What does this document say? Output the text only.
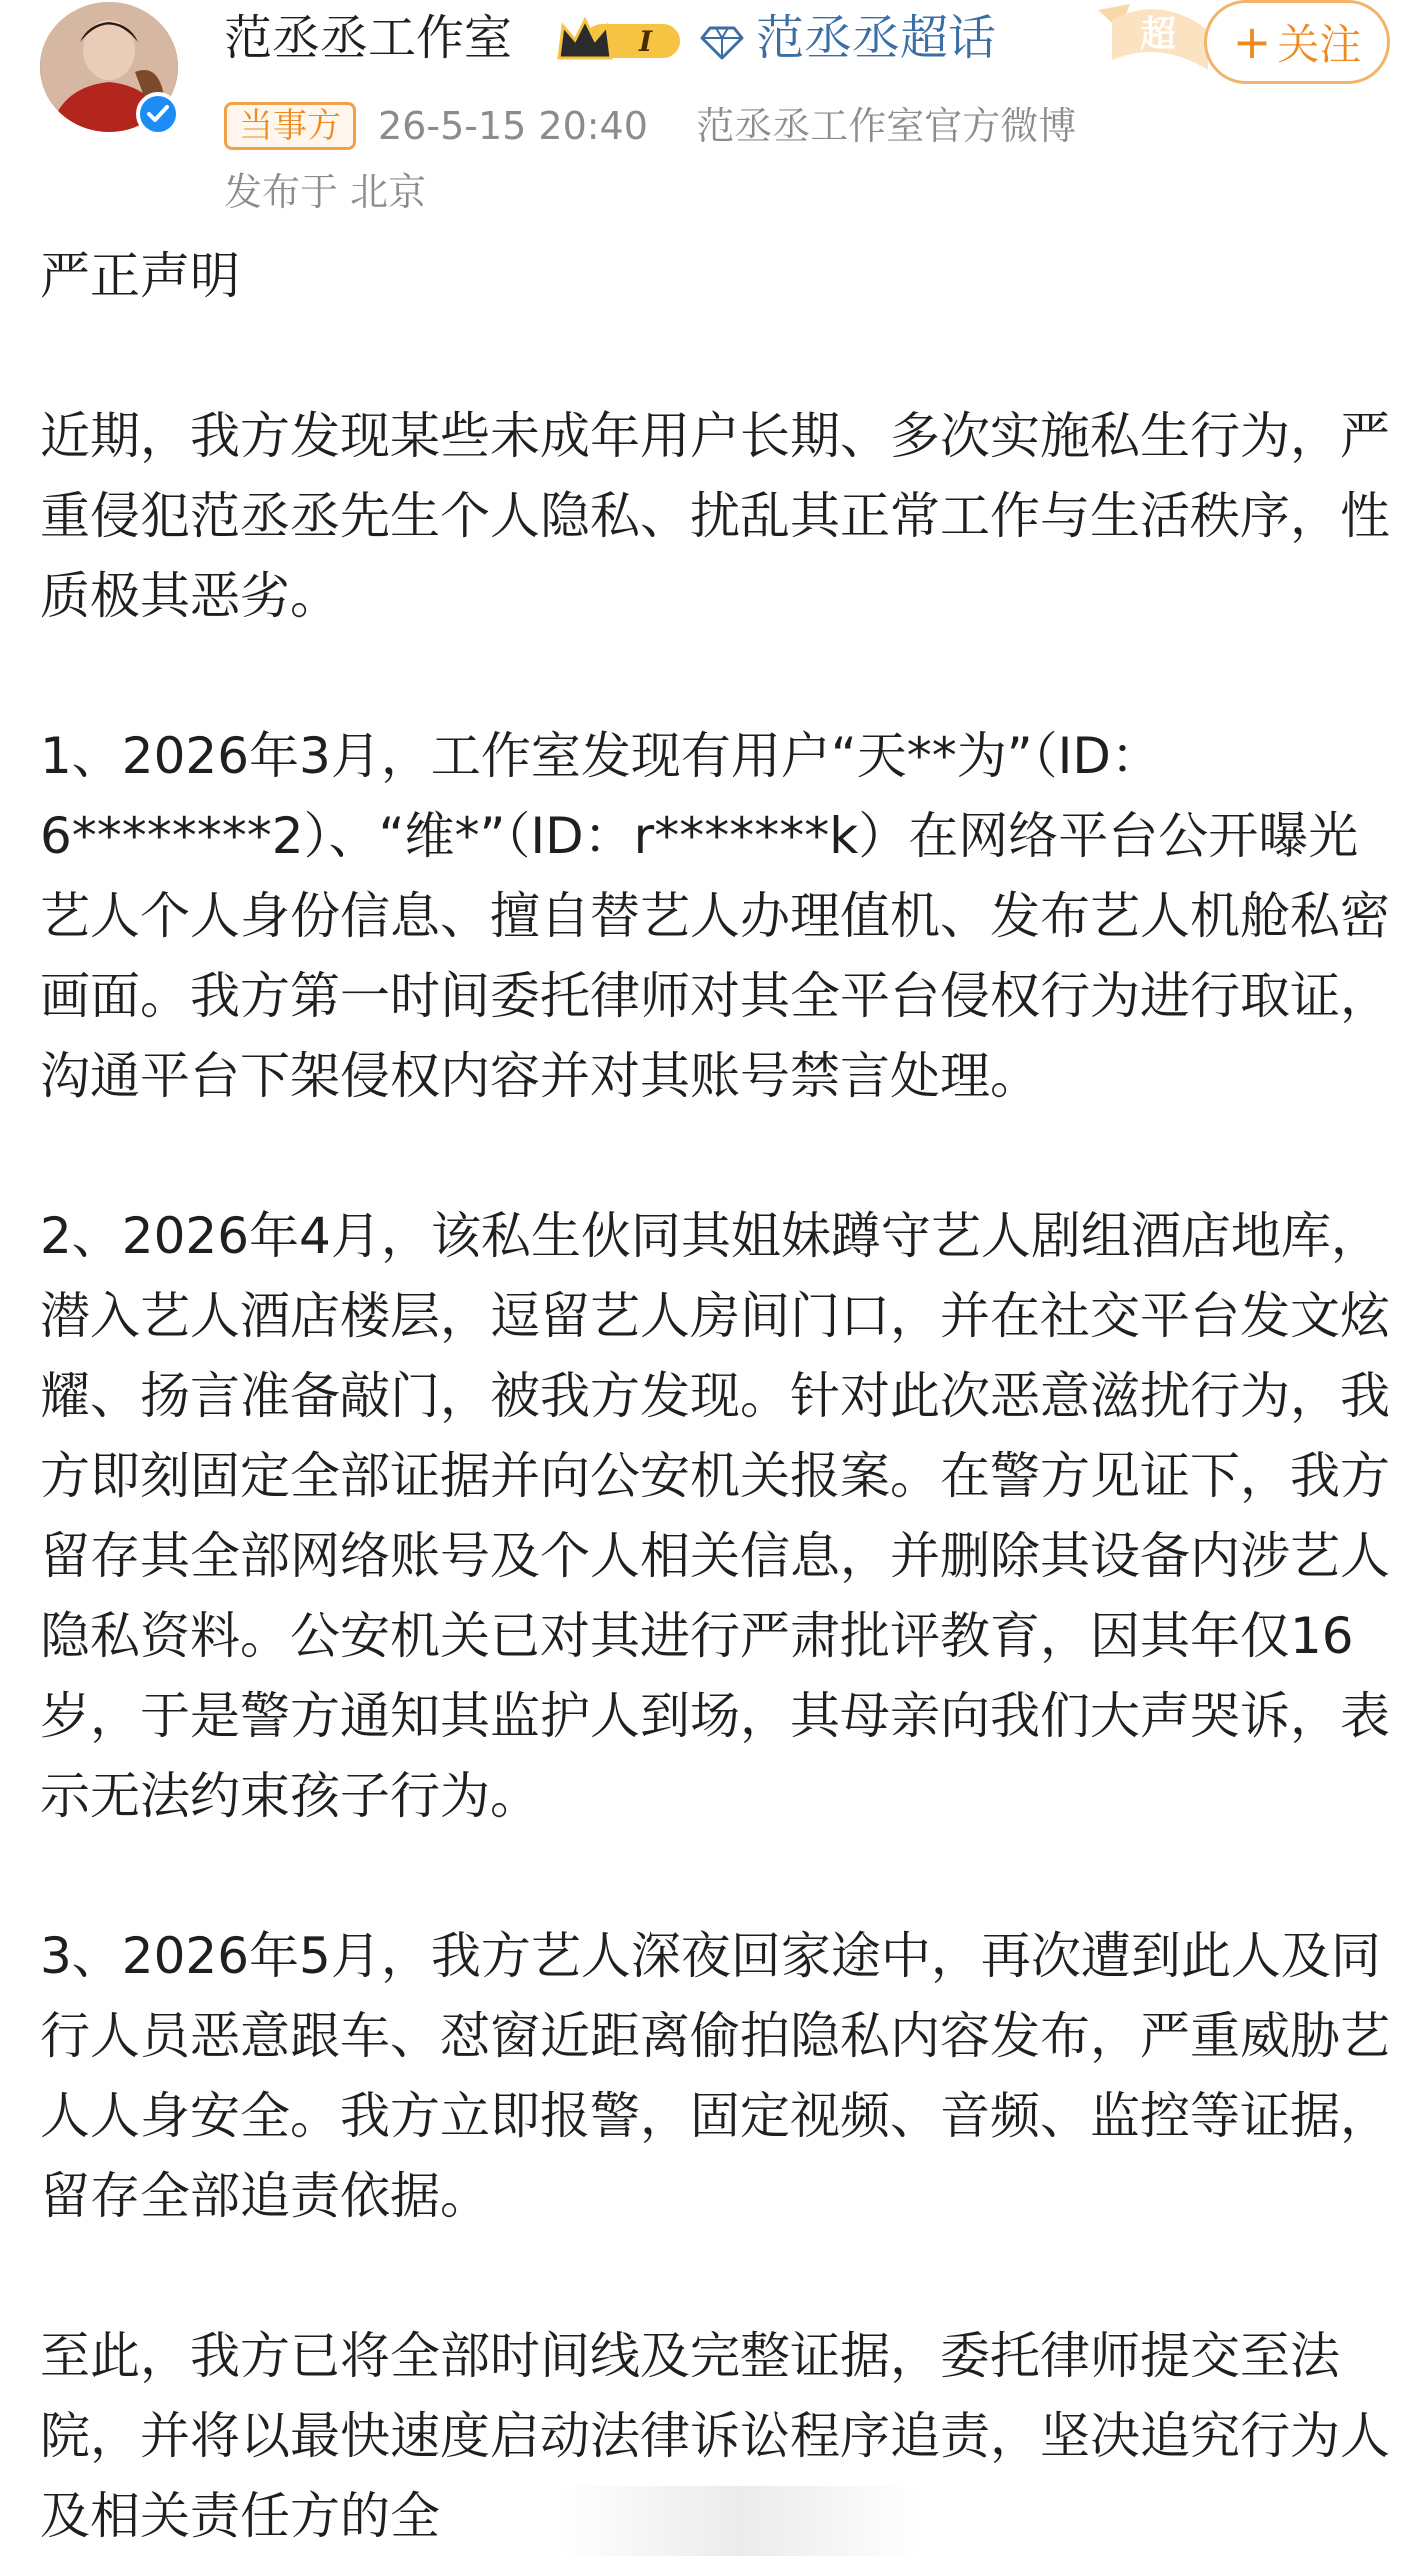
范丞丞工作室	I 范丞丞超话	超 + 关注
当事方 26-5-15 20:40 范丞丞工作室官方微博
发布于 北京

严正声明

近期，我方发现某些未成年用户长期、多次实施私生行为，严重侵犯范丞丞先生个人隐私、扰乱其正常工作与生活秩序，性质极其恶劣。

1、2026年3月，工作室发现有用户“天**为”（ID：6********2）、“维*”（ID：r*******k）在网络平台公开曝光艺人个人身份信息、擅自替艺人办理值机、发布艺人机舱私密画面。我方第一时间委托律师对其全平台侵权行为进行取证，沟通平台下架侵权内容并对其账号禁言处理。

2、2026年4月，该私生伙同其姐妹蹲守艺人剧组酒店地库，潜入艺人酒店楼层，逗留艺人房间门口，并在社交平台发文炫耀、扬言准备敲门，被我方发现。针对此次恶意滋扰行为，我方即刻固定全部证据并向公安机关报案。在警方见证下，我方留存其全部网络账号及个人相关信息，并删除其设备内涉艺人隐私资料。公安机关已对其进行严肃批评教育，因其年仅16岁，于是警方通知其监护人到场，其母亲向我们大声哭诉，表示无法约束孩子行为。

3、2026年5月，我方艺人深夜回家途中，再次遭到此人及同行人员恶意跟车、怼窗近距离偷拍隐私内容发布，严重威胁艺人人身安全。我方立即报警，固定视频、音频、监控等证据，留存全部追责依据。

至此，我方已将全部时间线及完整证据，委托律师提交至法院，并将以最快速度启动法律诉讼程序追责，坚决追究行为人及相关责任方的全
